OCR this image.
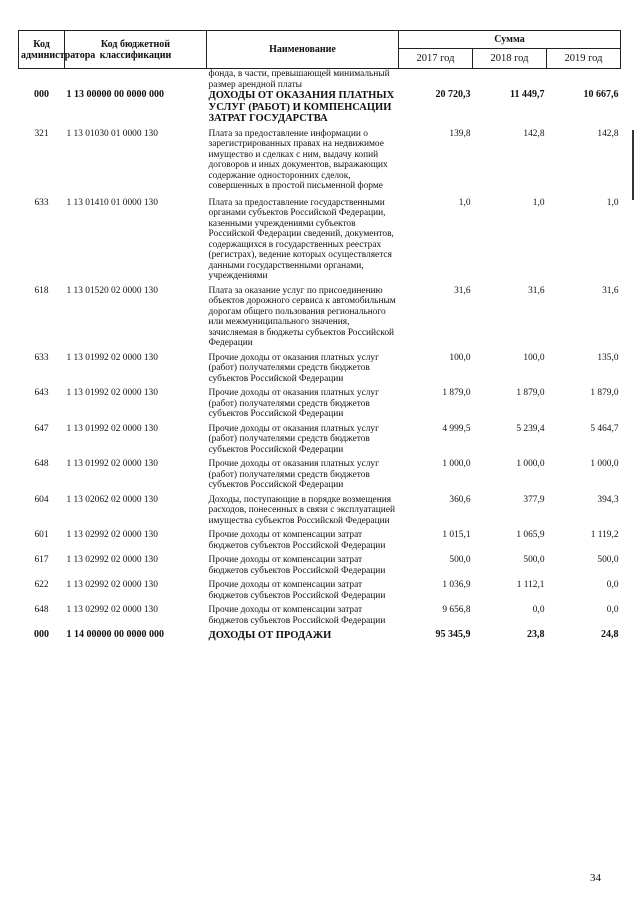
Код администратора	Код бюджетной классификации	Наименование	Сумма		
			2017 год	2018 год	2019 год
		фонда, в части, превышающей минимальный размер арендной платы			
000	1 13 00000 00 0000 000	ДОХОДЫ ОТ ОКАЗАНИЯ ПЛАТНЫХ УСЛУГ (РАБОТ) И КОМПЕНСАЦИИ ЗАТРАТ ГОСУДАРСТВА	20 720,3	11 449,7	10 667,6
321	1 13 01030 01 0000 130	Плата за предоставление информации о зарегистрированных правах на недвижимое имущество и сделках с ним, выдачу копий договоров и иных документов, выражающих содержание односторонних сделок, совершенных в простой письменной форме	139,8	142,8	142,8
633	1 13 01410 01 0000 130	Плата за предоставление государственными органами субъектов Российской Федерации, казенными учреждениями субъектов Российской Федерации сведений, документов, содержащихся в государственных реестрах (регистрах), ведение которых осуществляется данными государственными органами, учреждениями	1,0	1,0	1,0
618	1 13 01520 02 0000 130	Плата за оказание услуг по присоединению объектов дорожного сервиса к автомобильным дорогам общего пользования регионального или межмуниципального значения, зачисляемая в бюджеты субъектов Российской Федерации	31,6	31,6	31,6
633	1 13 01992 02 0000 130	Прочие доходы от оказания платных услуг (работ) получателями средств бюджетов субъектов Российской Федерации	100,0	100,0	135,0
643	1 13 01992 02 0000 130	Прочие доходы от оказания платных услуг (работ) получателями средств бюджетов субъектов Российской Федерации	1 879,0	1 879,0	1 879,0
647	1 13 01992 02 0000 130	Прочие доходы от оказания платных услуг (работ) получателями средств бюджетов субъектов Российской Федерации	4 999,5	5 239,4	5 464,7
648	1 13 01992 02 0000 130	Прочие доходы от оказания платных услуг (работ) получателями средств бюджетов субъектов Российской Федерации	1 000,0	1 000,0	1 000,0
604	1 13 02062 02 0000 130	Доходы, поступающие в порядке возмещения расходов, понесенных в связи с эксплуатацией имущества субъектов Российской Федерации	360,6	377,9	394,3
601	1 13 02992 02 0000 130	Прочие доходы от компенсации затрат бюджетов субъектов Российской Федерации	1 015,1	1 065,9	1 119,2
617	1 13 02992 02 0000 130	Прочие доходы от компенсации затрат бюджетов субъектов Российской Федерации	500,0	500,0	500,0
622	1 13 02992 02 0000 130	Прочие доходы от компенсации затрат бюджетов субъектов Российской Федерации	1 036,9	1 112,1	0,0
648	1 13 02992 02 0000 130	Прочие доходы от компенсации затрат бюджетов субъектов Российской Федерации	9 656,8	0,0	0,0
000	1 14 00000 00 0000 000	ДОХОДЫ ОТ ПРОДАЖИ	95 345,9	23,8	24,8
34
